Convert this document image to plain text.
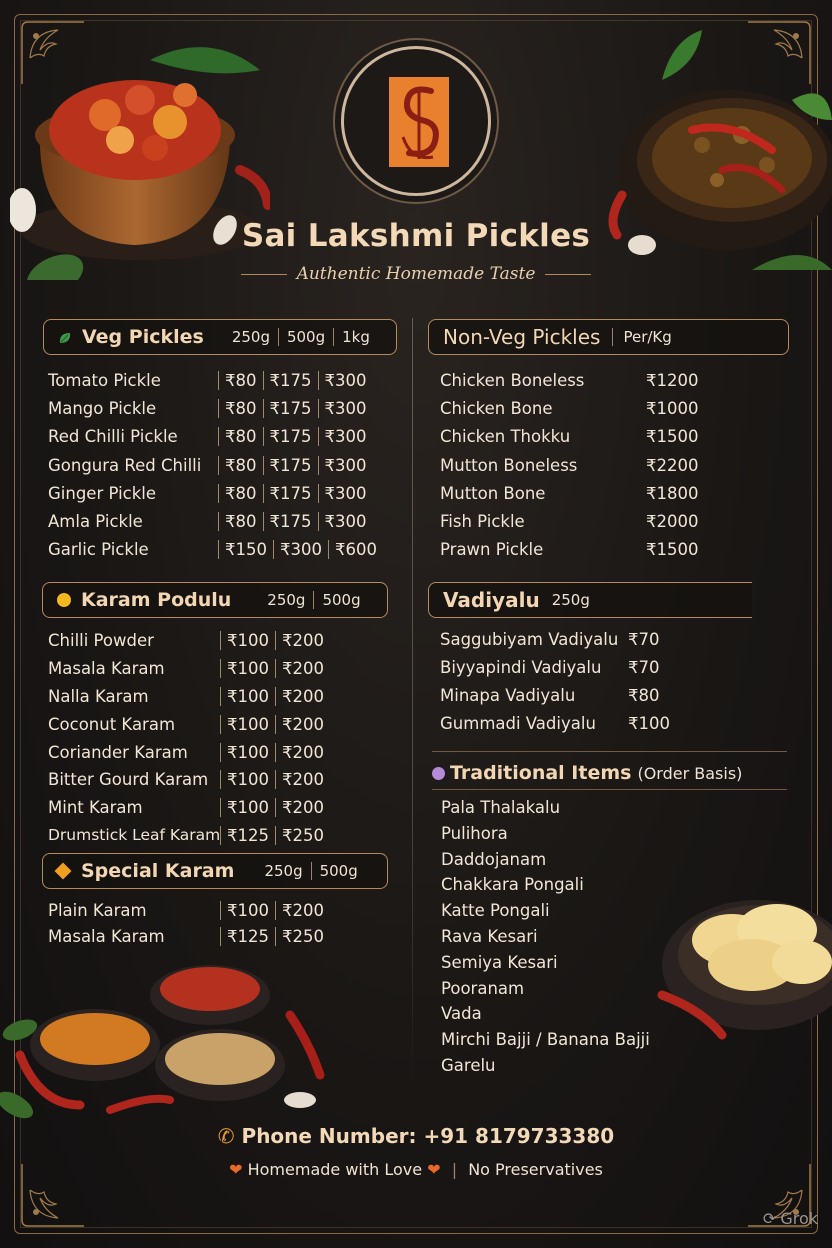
Sai Lakshmi Pickles
Authentic Homemade Taste
Veg Pickles 250g	500g	1kg
Tomato Pickle	₹80 ₹175 ₹300
Mango Pickle	₹80 ₹175 ₹300
Red Chilli Pickle	₹80 ₹175 ₹300
Gongura Red Chilli	₹80 ₹175 ₹300
Ginger Pickle	₹80 ₹175 ₹300
Amla Pickle	₹80 ₹175 ₹300
Garlic Pickle	₹150 ₹300 ₹600
Non-Veg Pickles	Per/Kg
Chicken Boneless	₹1200
Chicken Bone	₹1000
Chicken Thokku	₹1500
Mutton Boneless	₹2200
Mutton Bone	₹1800
Fish Pickle	₹2000
Prawn Pickle	₹1500
Karam Podulu 250g	500g
Chilli Powder	₹100 ₹200
Masala Karam	₹100 ₹200
Nalla Karam	₹100 ₹200
Coconut Karam	₹100 ₹200
Coriander Karam	₹100 ₹200
Bitter Gourd Karam	₹100 ₹200
Mint Karam	₹100 ₹200
Drumstick Leaf Karam ₹125 ₹250
Vadiyalu 250g
Saggubiyam Vadiyalu ₹70
Biyyapindi Vadiyalu	₹70
Minapa Vadiyalu	₹80
Gummadi Vadiyalu	₹100
Traditional Items (Order Basis)
Pala Thalakalu
Pulihora
Daddojanam
Chakkara Pongali
Katte Pongali
Rava Kesari
Semiya Kesari
Pooranam
Vada
Mirchi Bajji / Banana Bajji
Garelu
Special Karam 250g	500g
Plain Karam	₹100 ₹200
Masala Karam	₹125 ₹250
✆ Phone Number: +91 8179733380
❤ Homemade with Love ❤ | No Preservatives
⟳ Grok
